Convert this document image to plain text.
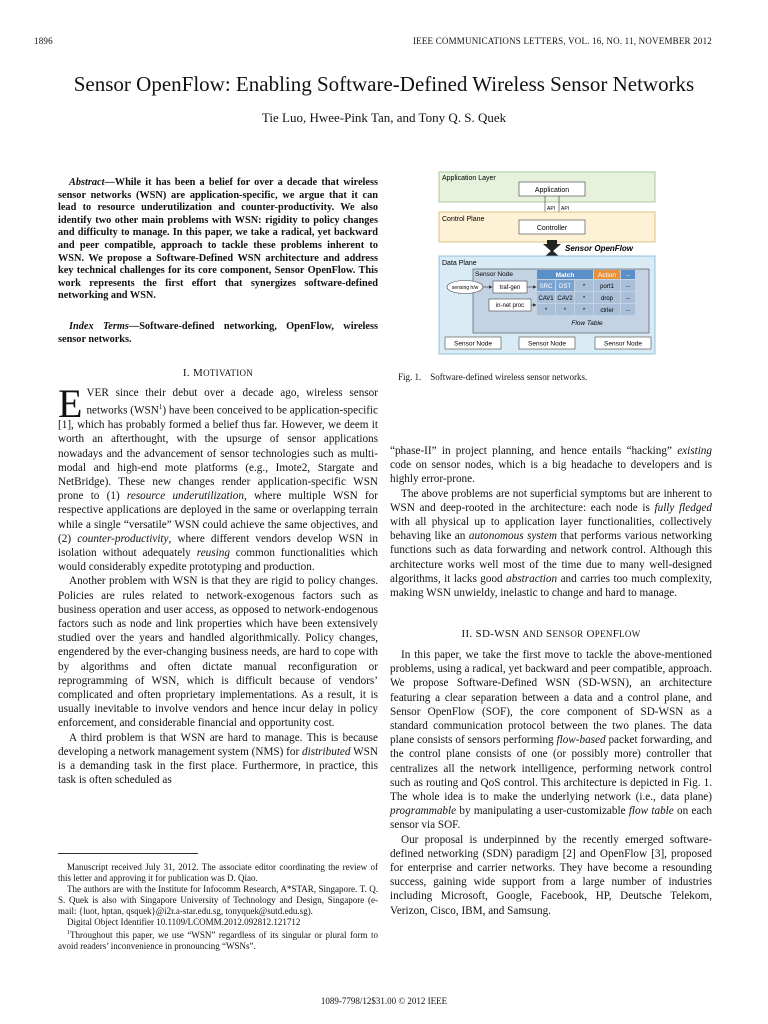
1896	IEEE COMMUNICATIONS LETTERS, VOL. 16, NO. 11, NOVEMBER 2012
Sensor OpenFlow: Enabling Software-Defined Wireless Sensor Networks
Tie Luo, Hwee-Pink Tan, and Tony Q. S. Quek

Abstract—While it has been a belief for over a decade that wireless sensor networks (WSN) are application-specific, we argue that it can lead to resource underutilization and counter-productivity. We also identify two other main problems with WSN: rigidity to policy changes and difficulty to manage. In this paper, we take a radical, yet backward and peer compatible, approach to tackle these problems inherent to WSN. We propose a Software-Defined WSN architecture and address key technical challenges for its core component, Sensor OpenFlow. This work represents the first effort that synergizes software-defined networking and WSN.

Index Terms—Software-defined networking, OpenFlow, wireless sensor networks.

I. MOTIVATION

EVER since their debut over a decade ago, wireless sensor networks (WSN$^1$) have been conceived to be application-specific [1], which has probably formed a belief thus far. However, we deem it worth an afterthought, with the upsurge of sensor applications nowadays and the advancement of sensor technologies such as multi-modal and high-end mote platforms (e.g., Imote2, Stargate and NetBridge). These new changes render application-specific WSN prone to (1) resource underutilization, where multiple WSN for respective applications are deployed in the same or overlapping terrain while a single “versatile” WSN could achieve the same objectives, and (2) counter-productivity, where different vendors develop WSN in isolation without adequately reusing common functionalities which would considerably expedite prototyping and production.

Another problem with WSN is that they are rigid to policy changes. Policies are rules related to network-exogenous factors such as business operation and user access, as opposed to network-endogenous factors such as node and link properties which have been extensively studied over the years and handled algorithmically. Policy changes, engendered by the ever-changing business needs, are hard to cope with by algorithms and often dictate manual reconfiguration or reprogramming of WSN, which is difficult because of vendors’ complicated and often proprietary implementations. As a result, it is usually inevitable to involve vendors and hence incur delay in policy enforcement, and considerable financial and opportunity cost.

A third problem is that WSN are hard to manage. This is because developing a network management system (NMS) for distributed WSN is a demanding task in the first place. Furthermore, in practice, this task is often scheduled as

Manuscript received July 31, 2012. The associate editor coordinating the review of this letter and approving it for publication was D. Qiao.

The authors are with the Institute for Infocomm Research, A*STAR, Singapore. T. Q. S. Quek is also with Singapore University of Technology and Design, Singapore (e-mail: {luot, hptan, qsquek}@i2r.a-star.edu.sg, tonyquek@sutd.edu.sg).

Digital Object Identifier 10.1109/LCOMM.2012.092812.121712

$^1$Throughout this paper, we use “WSN” regardless of its singular or plural form to avoid readers’ inconvenience in pronouncing “WSNs”.

Application Layer
Application
API API
Control Plane
Controller
Sensor OpenFlow
Data Plane
Sensor Node
sensing h/w	traf-gen
in-net proc
Match	Action ...
SRC DST * port1 ...
CAV1 CAV2 *	drop ...
*	*	*	ctrler ...
Flow Table
Sensor Node	Sensor Node	Sensor Node
Fig. 1.    Software-defined wireless sensor networks.

“phase-II” in project planning, and hence entails “hacking” existing code on sensor nodes, which is a big headache to developers and is highly error-prone.

The above problems are not superficial symptoms but are inherent to WSN and deep-rooted in the architecture: each node is fully fledged with all physical up to application layer functionalities, collectively behaving like an autonomous system that performs various networking functions such as data forwarding and network control. Although this architecture works well most of the time due to many well-designed algorithms, it lacks good abstraction and carries too much complexity, making WSN unwieldy, inelastic to change and hard to manage.

II. SD-WSN AND SENSOR OPENFLOW

In this paper, we take the first move to tackle the above-mentioned problems, using a radical, yet backward and peer compatible, approach. We propose Software-Defined WSN (SD-WSN), an architecture featuring a clear separation between a data and a control plane, and Sensor OpenFlow (SOF), the core component of SD-WSN as a standard communication protocol between the two planes. The data plane consists of sensors performing flow-based packet forwarding, and the control plane consists of one (or possibly more) controller that centralizes all the network intelligence, performing network control such as routing and QoS control. This architecture is depicted in Fig. 1. The whole idea is to make the underlying network (i.e., data plane) programmable by manipulating a user-customizable flow table on each sensor via SOF.

Our proposal is underpinned by the recently emerged software-defined networking (SDN) paradigm [2] and OpenFlow [3], proposed for enterprise and carrier networks. They have become a resounding success, gaining wide support from a large number of industries including Microsoft, Google, Facebook, HP, Deutsche Telekom, Verizon, Cisco, IBM, and Samsung.

1089-7798/12$31.00 © 2012 IEEE
